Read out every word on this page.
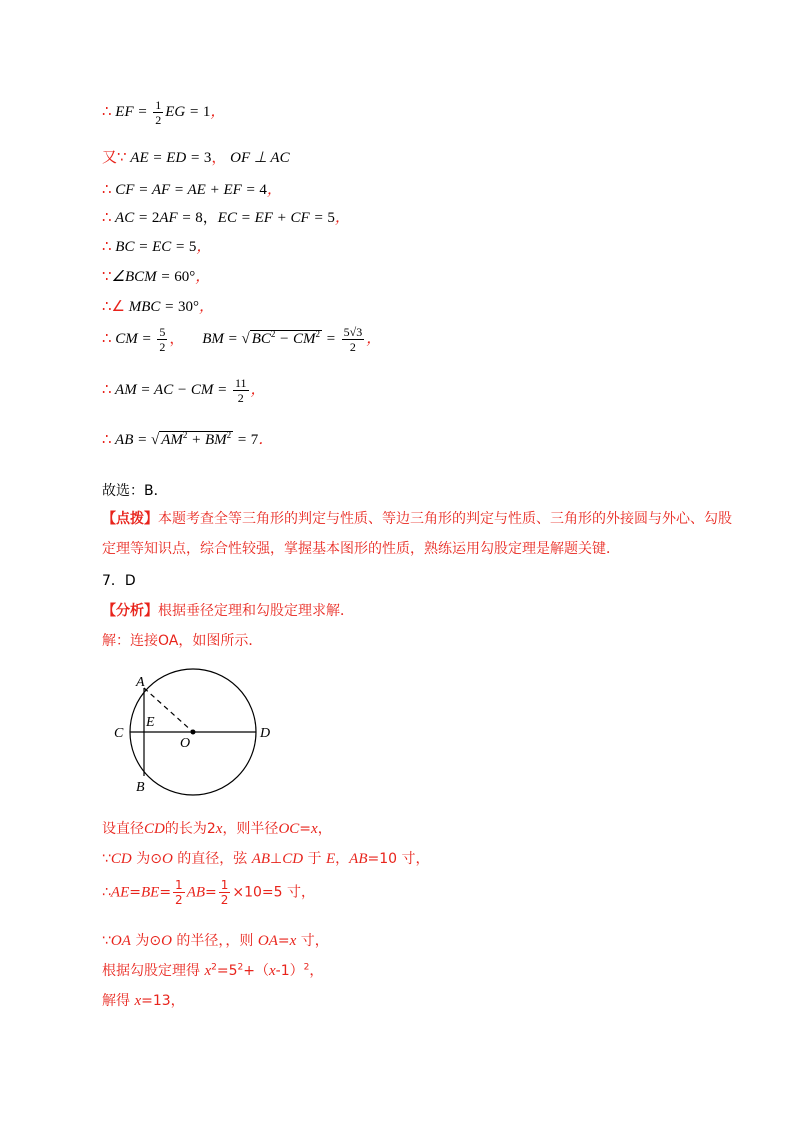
∴ EF = $\frac{1}{2}$ EG = 1，
又∵ AE = ED = 3， OF ⊥ AC
∴ CF = AF = AE + EF = 4，
∴ AC = 2AF = 8，EC = EF + CF = 5，
∴ BC = EC = 5，
∵∠BCM = 60°，
∴∠ MBC = 30°，
∴ CM = $\frac{5}{2}$ ， BM = √ $BC^2 - CM^2 = \frac{5√3}{2}$ ，
∴ AM = AC − CM = $\frac{11}{2}$ ，
∴ AB = √ $AM^2 + BM^2 = 7$．
故选：B．
【点拨】本题考查全等三角形的判定与性质、等边三角形的判定与性质、三角形的外接圆与外心、勾股定理等知识点，综合性较强，掌握基本图形的性质，熟练运用勾股定理是解题关键．
7．D
【分析】根据垂径定理和勾股定理求解．
解：连接OA，如图所示．
A
B
C	D
E
O
设直径CD的长为2x，则半径OC=x，
∵CD 为⊙O 的直径，弦 AB⊥CD 于 E，AB=10 寸，
∴AE=BE= $\frac{1}{2} AB= \frac{1}{2} \times 10=5$ 寸，
∵OA 为⊙O 的半径，，则 OA=x 寸，
根据勾股定理得 $x^2=5^2+(x-1)^2$，
解得 x=13，
